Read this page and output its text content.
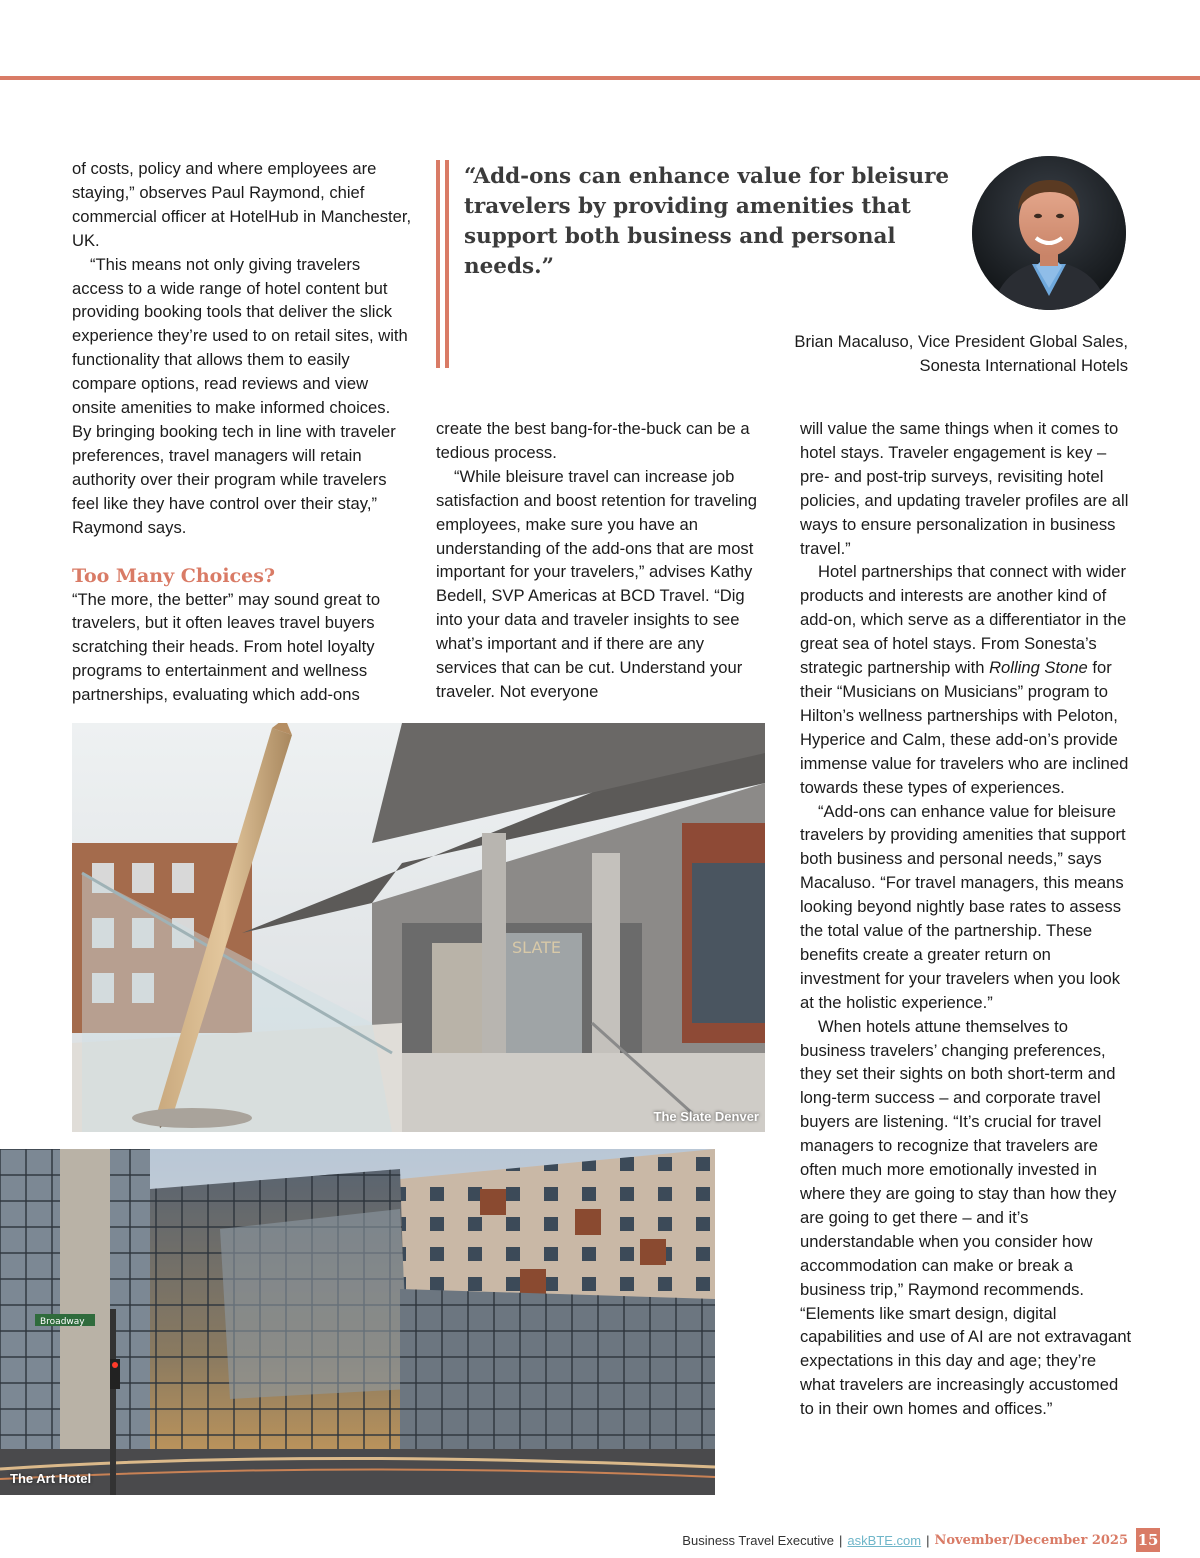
of costs, policy and where employees are staying,” observes Paul Raymond, chief commercial officer at HotelHub in Manchester, UK.

“This means not only giving travelers access to a wide range of hotel content but providing booking tools that deliver the slick experience they’re used to on retail sites, with functionality that allows them to easily compare options, read reviews and view onsite amenities to make informed choices. By bringing booking tech in line with traveler preferences, travel managers will retain authority over their program while travelers feel like they have control over their stay,” Raymond says.

Too Many Choices?

“The more, the better” may sound great to travelers, but it often leaves travel buyers scratching their heads. From hotel loyalty programs to entertainment and wellness partnerships, evaluating which add-ons

“Add-ons can enhance value for bleisure travelers by providing amenities that support both business and personal needs.”
Brian Macaluso, Vice President Global Sales,
Sonesta International Hotels

create the best bang-for-the-buck can be a tedious process.

“While bleisure travel can increase job satisfaction and boost retention for traveling employees, make sure you have an understanding of the add-ons that are most important for your travelers,” advises Kathy Bedell, SVP Americas at BCD Travel. “Dig into your data and traveler insights to see what’s important and if there are any services that can be cut. Understand your traveler. Not everyone

will value the same things when it comes to hotel stays. Traveler engagement is key – pre- and post-trip surveys, revisiting hotel policies, and updating traveler profiles are all ways to ensure personalization in business travel.”

Hotel partnerships that connect with wider products and interests are another kind of add-on, which serve as a differentiator in the great sea of hotel stays. From Sonesta’s strategic partnership with Rolling Stone for their “Musicians on Musicians” program to Hilton’s wellness partnerships with Peloton, Hyperice and Calm, these add-on’s provide immense value for travelers who are inclined towards these types of experiences.

“Add-ons can enhance value for bleisure travelers by providing amenities that support both business and personal needs,” says Macaluso. “For travel managers, this means looking beyond nightly base rates to assess the total value of the partnership. These benefits create a greater return on investment for your travelers when you look at the holistic experience.”

When hotels attune themselves to business travelers’ changing preferences, they set their sights on both short-term and long-term success – and corporate travel buyers are listening. “It’s crucial for travel managers to recognize that travelers are often much more emotionally invested in where they are going to stay than how they are going to get there – and it’s understandable when you consider how accommodation can make or break a business trip,” Raymond recommends. “Elements like smart design, digital capabilities and use of AI are not extravagant expectations in this day and age; they’re what travelers are increasingly accustomed to in their own homes and offices.”

SLATE
The Slate Denver
Broadway
The Art Hotel
Business Travel Executive | askBTE.com | November/December 2025 15
